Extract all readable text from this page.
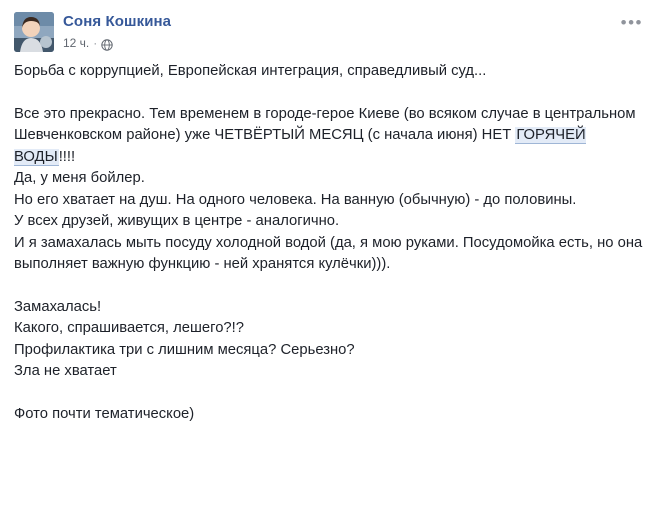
Соня Кошкина
12 ч. ·
•••
Борьба с коррупцией, Европейская интеграция, справедливый суд...
Все это прекрасно. Тем временем в городе-герое Киеве (во всяком случае в центральном Шевченковском районе) уже ЧЕТВЁРТЫЙ МЕСЯЦ (с начала июня) НЕТ ГОРЯЧЕЙ ВОДЫ!!!!
Да, у меня бойлер.
Но его хватает на душ. На одного человека. На ванную (обычную) - до половины.
У всех друзей, живущих в центре - аналогично.
И я замахалась мыть посуду холодной водой (да, я мою руками. Посудомойка есть, но она выполняет важную функцию - ней хранятся кулёчки))).
Замахалась!
Какого, спрашивается, лешего?!?
Профилактика три с лишним месяца? Серьезно?
Зла не хватает
Фото почти тематическое)
